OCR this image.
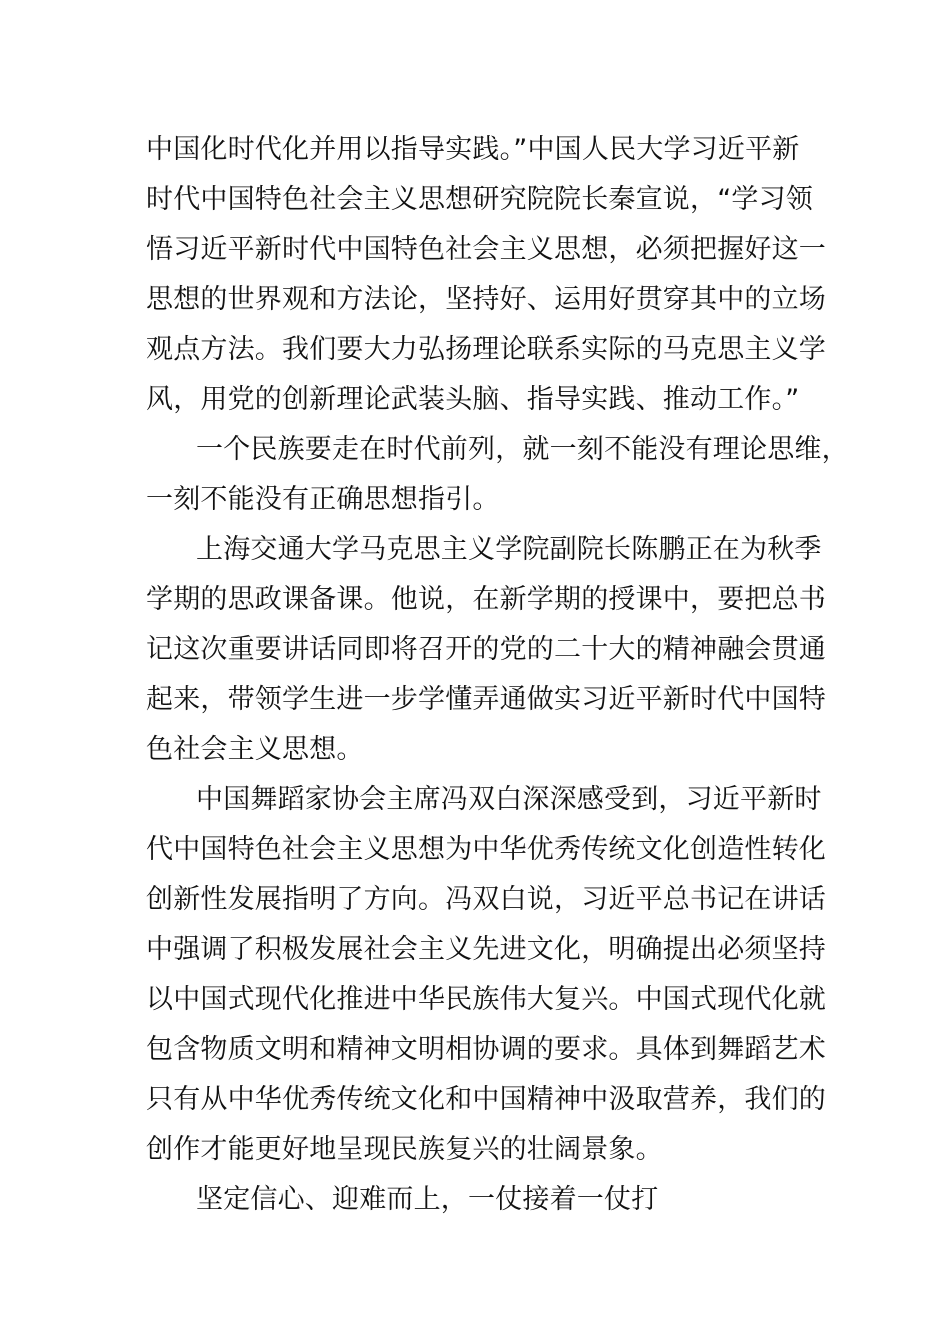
中国化时代化并用以指导实践。”中国人民大学习近平新
时代中国特色社会主义思想研究院院长秦宣说，“学习领
悟习近平新时代中国特色社会主义思想，必须把握好这一
思想的世界观和方法论，坚持好、运用好贯穿其中的立场
观点方法。我们要大力弘扬理论联系实际的马克思主义学
风，用党的创新理论武装头脑、指导实践、推动工作。”
一个民族要走在时代前列，就一刻不能没有理论思维，
一刻不能没有正确思想指引。
上海交通大学马克思主义学院副院长陈鹏正在为秋季
学期的思政课备课。他说，在新学期的授课中，要把总书
记这次重要讲话同即将召开的党的二十大的精神融会贯通
起来，带领学生进一步学懂弄通做实习近平新时代中国特
色社会主义思想。
中国舞蹈家协会主席冯双白深深感受到，习近平新时
代中国特色社会主义思想为中华优秀传统文化创造性转化
创新性发展指明了方向。冯双白说，习近平总书记在讲话
中强调了积极发展社会主义先进文化，明确提出必须坚持
以中国式现代化推进中华民族伟大复兴。中国式现代化就
包含物质文明和精神文明相协调的要求。具体到舞蹈艺术
只有从中华优秀传统文化和中国精神中汲取营养，我们的
创作才能更好地呈现民族复兴的壮阔景象。
坚定信心、迎难而上，一仗接着一仗打
